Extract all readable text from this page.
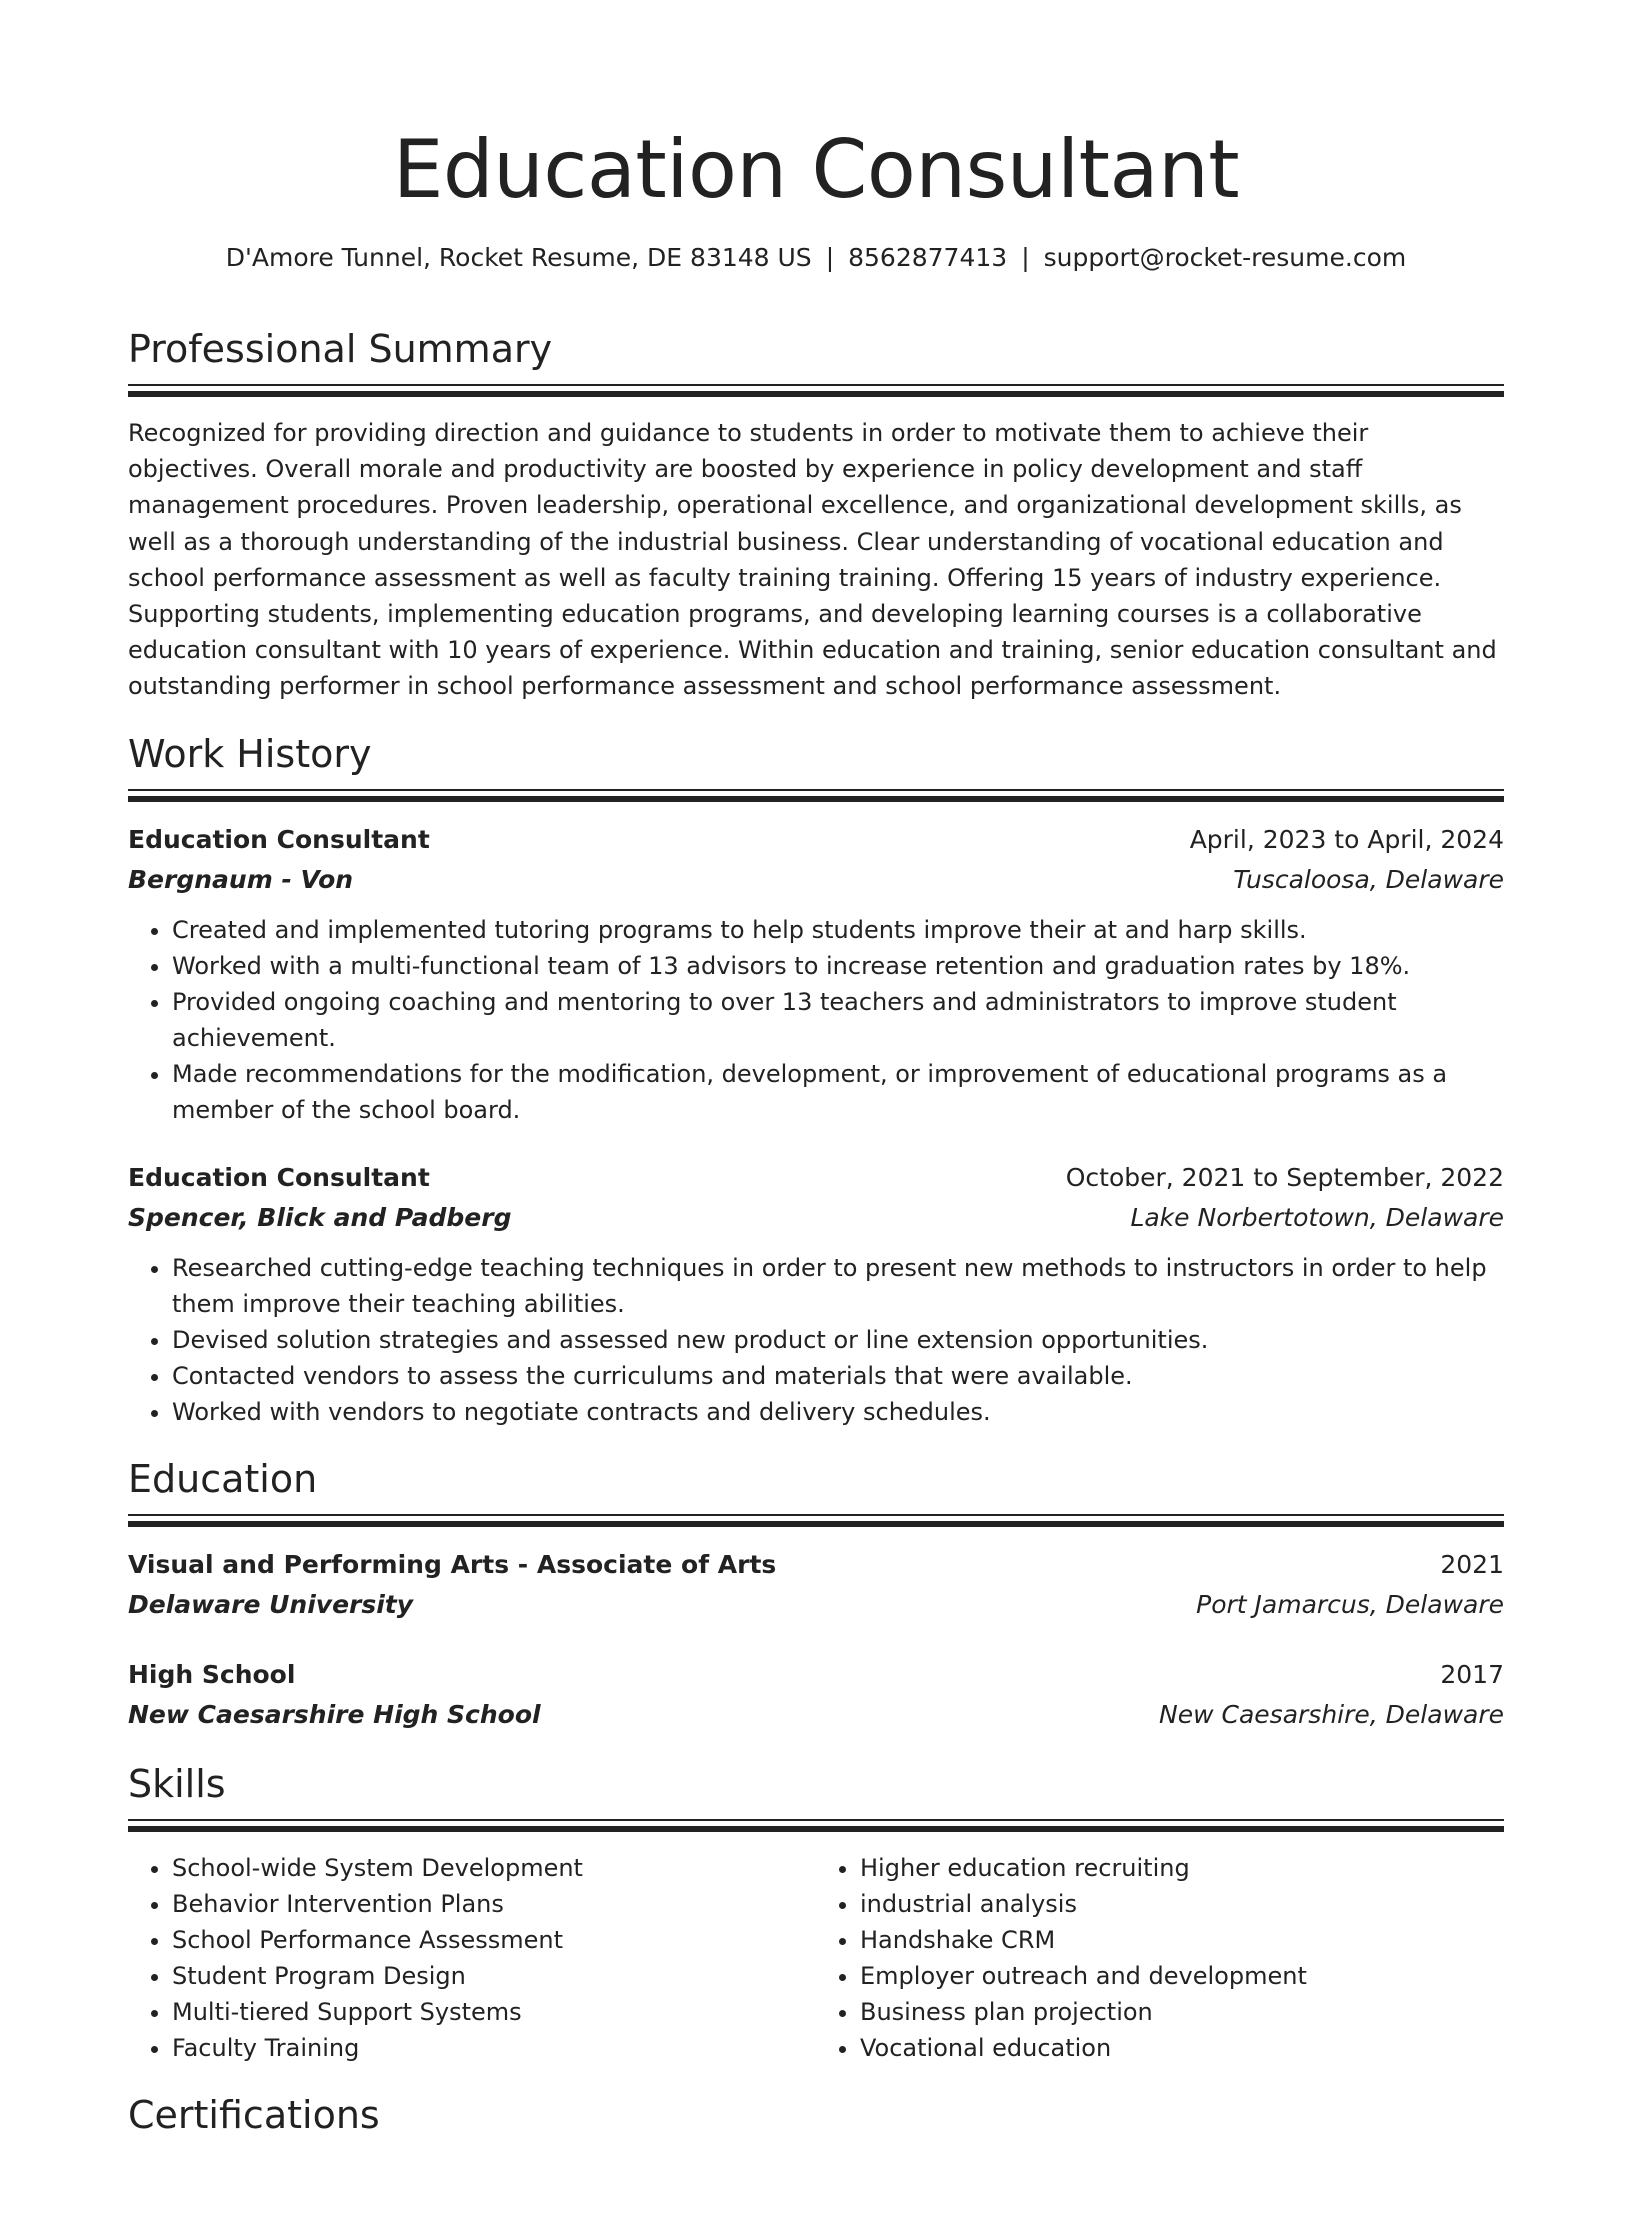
Education Consultant
D'Amore Tunnel, Rocket Resume, DE 83148 US | 8562877413 | support@rocket-resume.com
Professional Summary

Recognized for providing direction and guidance to students in order to motivate them to achieve their objectives. Overall morale and productivity are boosted by experience in policy development and staff management procedures. Proven leadership, operational excellence, and organizational development skills, as well as a thorough understanding of the industrial business. Clear understanding of vocational education and school performance assessment as well as faculty training training. Offering 15 years of industry experience. Supporting students, implementing education programs, and developing learning courses is a collaborative education consultant with 10 years of experience. Within education and training, senior education consultant and outstanding performer in school performance assessment and school performance assessment.

Work History
Education Consultant	April, 2023 to April, 2024
Bergnaum - Von	Tuscaloosa, Delaware
• Created and implemented tutoring programs to help students improve their at and harp skills.
• Worked with a multi-functional team of 13 advisors to increase retention and graduation rates by 18%.
• Provided ongoing coaching and mentoring to over 13 teachers and administrators to improve student achievement.
• Made recommendations for the modification, development, or improvement of educational programs as a member of the school board.
Education Consultant	October, 2021 to September, 2022
Spencer, Blick and Padberg	Lake Norbertotown, Delaware
• Researched cutting-edge teaching techniques in order to present new methods to instructors in order to help them improve their teaching abilities.
• Devised solution strategies and assessed new product or line extension opportunities.
• Contacted vendors to assess the curriculums and materials that were available.
• Worked with vendors to negotiate contracts and delivery schedules.
Education
Visual and Performing Arts - Associate of Arts	2021
Delaware University	Port Jamarcus, Delaware
High School	2017
New Caesarshire High School	New Caesarshire, Delaware
Skills
• School-wide System Development
• Behavior Intervention Plans
• School Performance Assessment
• Student Program Design
• Multi-tiered Support Systems
• Faculty Training
• Higher education recruiting
• industrial analysis
• Handshake CRM
• Employer outreach and development
• Business plan projection
• Vocational education
Certifications
